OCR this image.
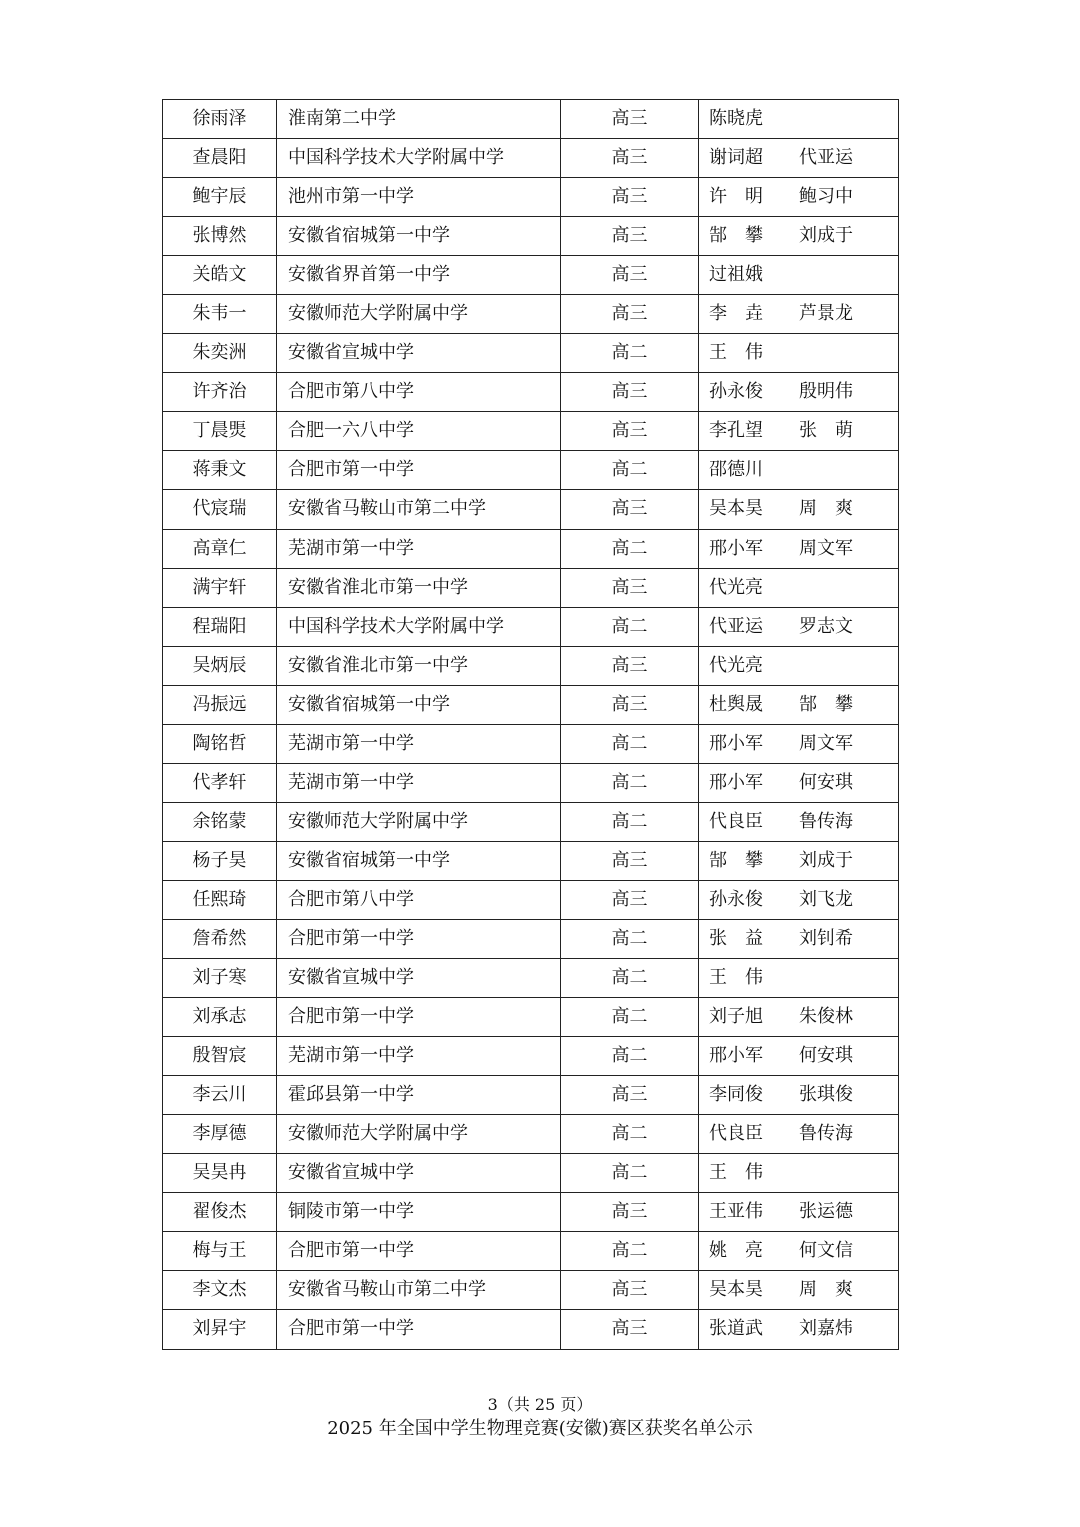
徐雨泽	淮南第二中学	高三	陈晓虎
查晨阳	中国科学技术大学附属中学	高三	谢词超 代亚运
鲍宇辰	池州市第一中学	高三	许　明 鲍习中
张博然	安徽省宿城第一中学	高三	郜　攀 刘成于
关皓文	安徽省界首第一中学	高三	过祖娥
朱韦一	安徽师范大学附属中学	高三	李　垚 芦景龙
朱奕洲	安徽省宣城中学	高二	王　伟
许齐治	合肥市第八中学	高三	孙永俊 殷明伟
丁晨煚	合肥一六八中学	高三	李孔望 张　萌
蒋秉文	合肥市第一中学	高二	邵德川
代宸瑞	安徽省马鞍山市第二中学	高三	吴本昊 周　爽
高章仁	芜湖市第一中学	高二	邢小军 周文军
满宇轩	安徽省淮北市第一中学	高三	代光亮
程瑞阳	中国科学技术大学附属中学	高二	代亚运 罗志文
吴炳辰	安徽省淮北市第一中学	高三	代光亮
冯振远	安徽省宿城第一中学	高三	杜舆晟 郜　攀
陶铭哲	芜湖市第一中学	高二	邢小军 周文军
代孝轩	芜湖市第一中学	高二	邢小军 何安琪
余铭蒙	安徽师范大学附属中学	高二	代良臣 鲁传海
杨子昊	安徽省宿城第一中学	高三	郜　攀 刘成于
任熙琦	合肥市第八中学	高三	孙永俊 刘飞龙
詹希然	合肥市第一中学	高二	张　益 刘钊希
刘子寒	安徽省宣城中学	高二	王　伟
刘承志	合肥市第一中学	高二	刘子旭 朱俊林
殷智宸	芜湖市第一中学	高二	邢小军 何安琪
李云川	霍邱县第一中学	高三	李同俊 张琪俊
李厚德	安徽师范大学附属中学	高二	代良臣 鲁传海
吴昊冉	安徽省宣城中学	高二	王　伟
翟俊杰	铜陵市第一中学	高三	王亚伟 张运德
梅与王	合肥市第一中学	高二	姚　亮 何文信
李文杰	安徽省马鞍山市第二中学	高三	吴本昊 周　爽
刘昇宇	合肥市第一中学	高三	张道武 刘嘉炜
3（共 25 页）
2025 年全国中学生物理竞赛(安徽)赛区获奖名单公示
